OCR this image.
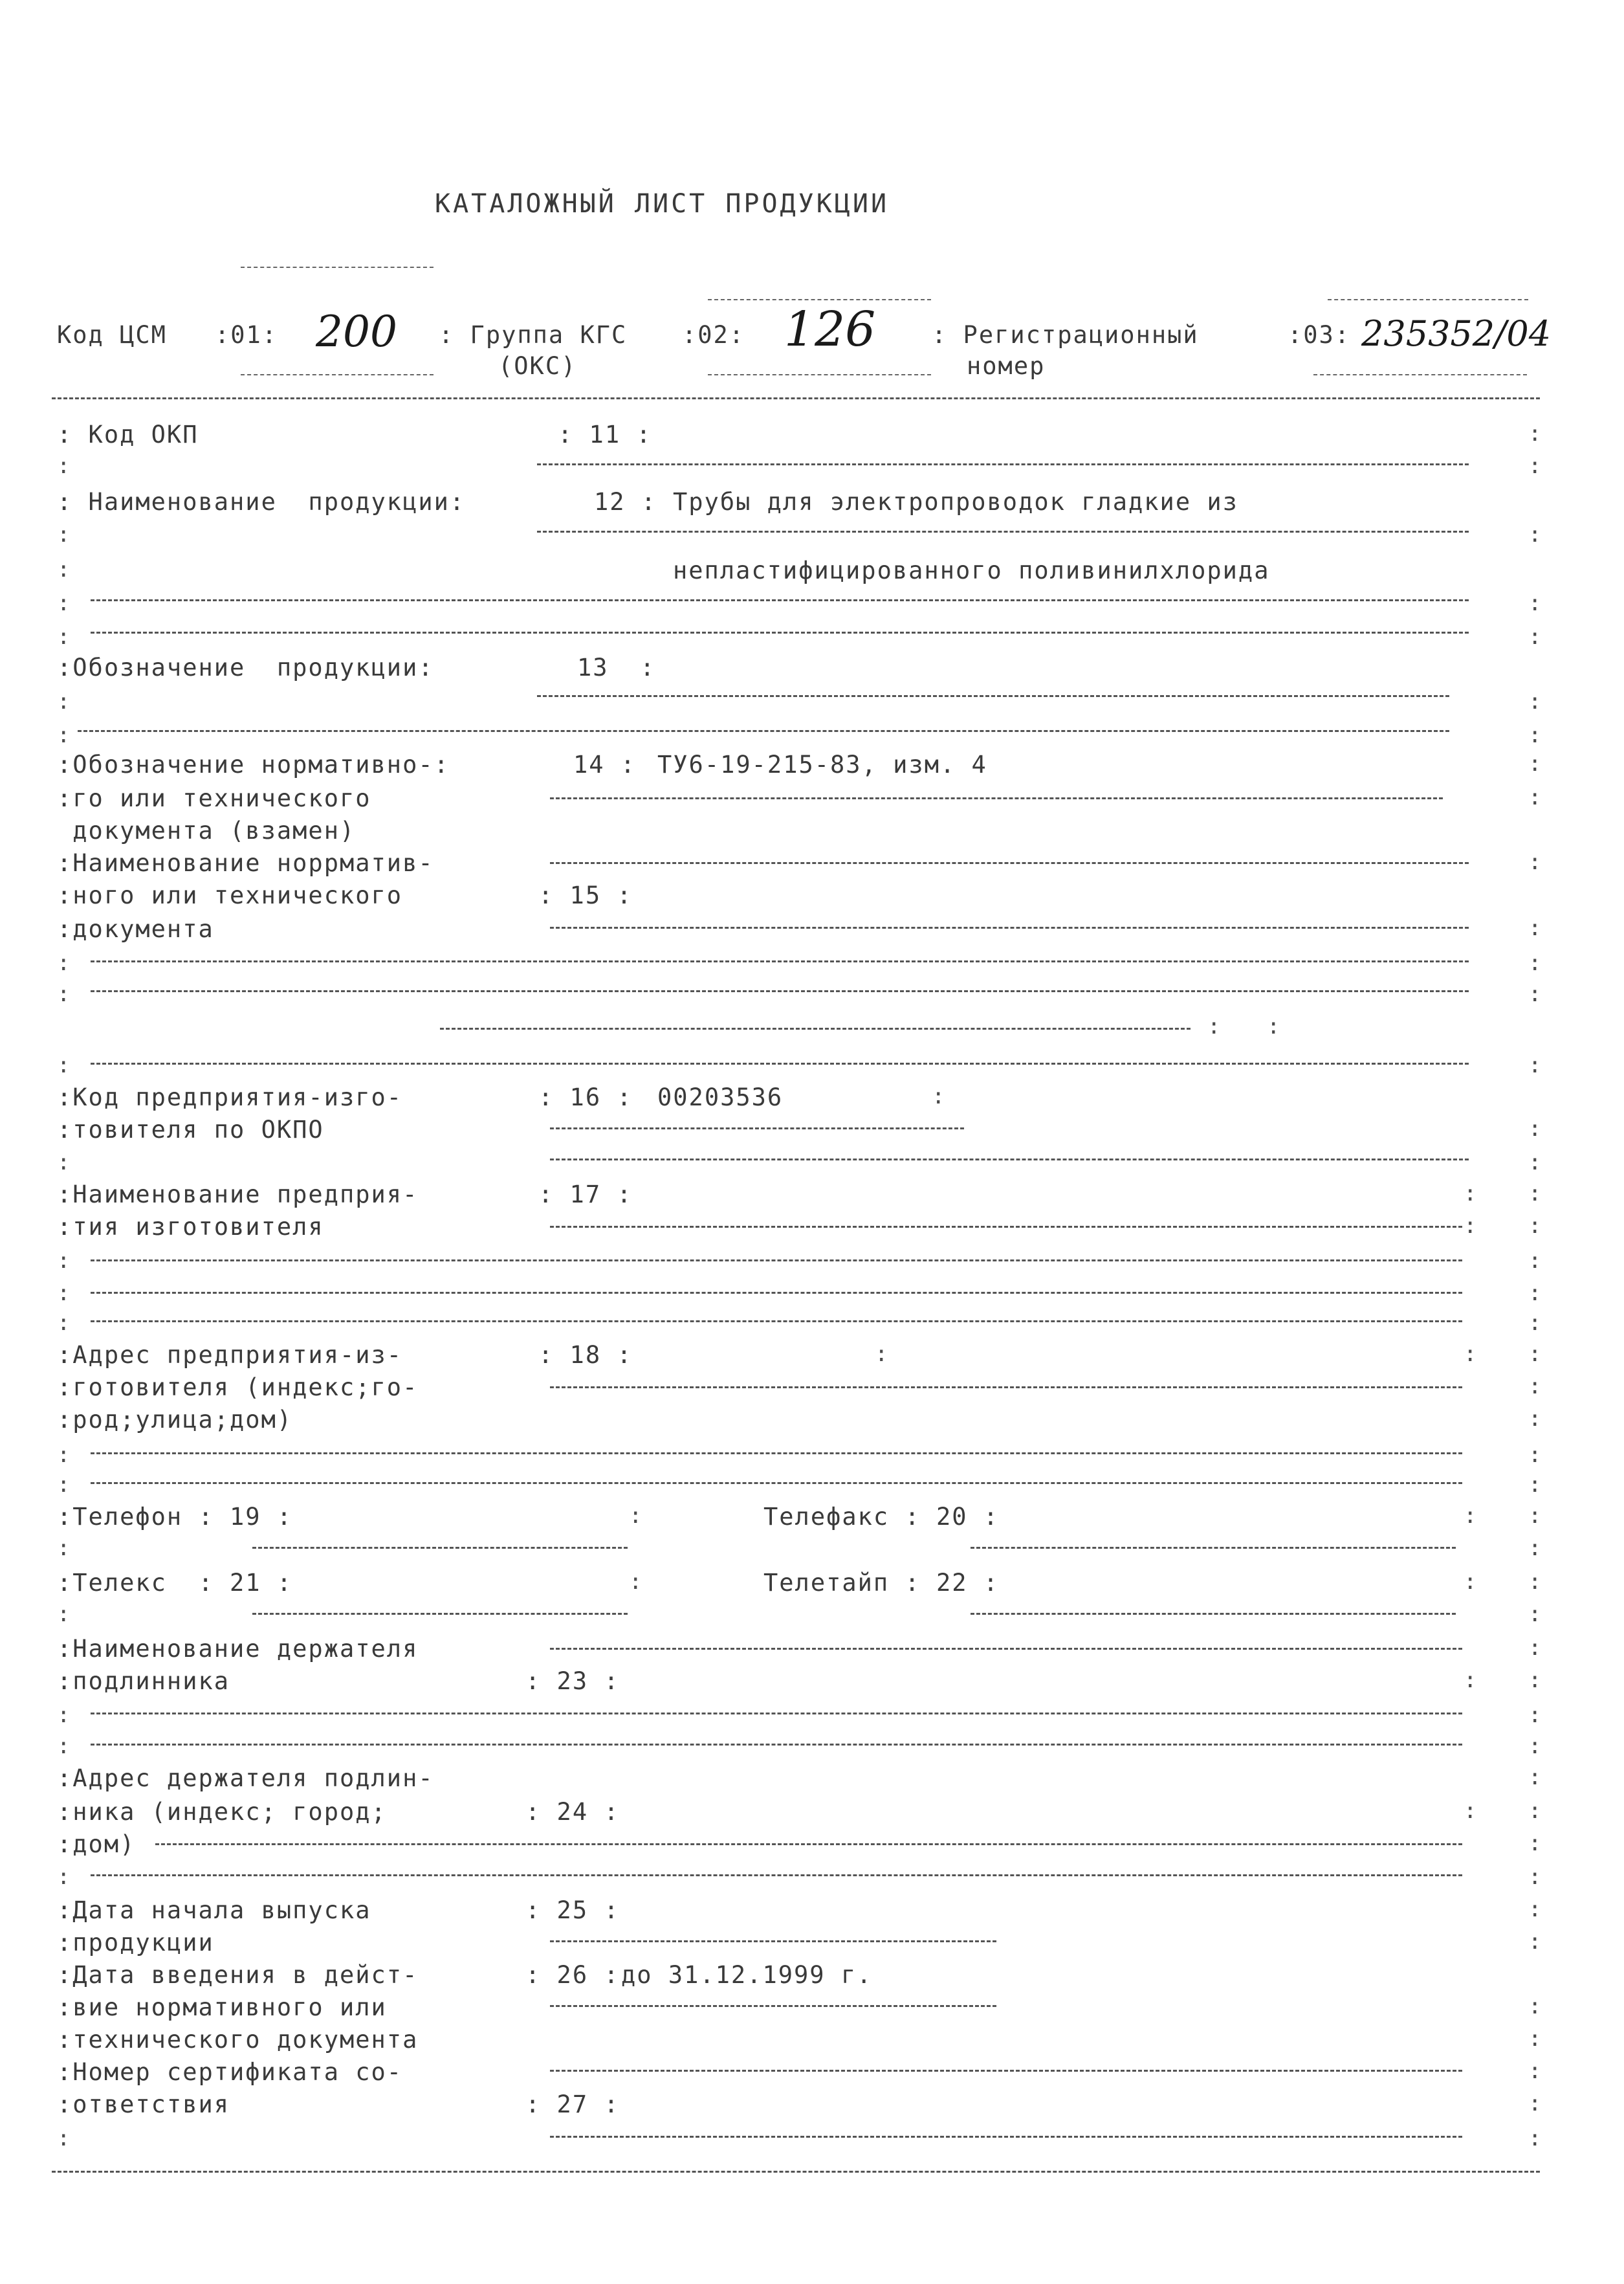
КАТАЛОЖНЫЙ ЛИСТ ПРОДУКЦИИ
Код ЦСМ :01: 200 : Группа КГС
(ОКС)
:02: 126 : Регистрационный
номер
:03: 235352/04
: Код ОКП	: 11 :	:
:	:
: Наименование  продукции:	12 : Трубы для электропроводок гладкие из
:	:
:	непластифицированного поливинилхлорида
:	:
:	:
:Обозначение  продукции:	13  :
:	:
:	:
:Обозначение нормативно-:	14 : ТУ6-19-215-83, изм. 4	:
:го или технического	:
документа (взамен)
:Наименование норрматив-	:
:ного или технического	: 15 :
:документа	:
:	:
:	:
: :
:	:
:Код предприятия-изго-	: 16 : 00203536	:
:товителя по ОКПО	:
:	:
:Наименование предприя-	: 17 :	: :
:тия изготовителя	: :
:	:
:	:
:	:
:Адрес предприятия-из-	: 18 :	:	: :
:готовителя (индекс;го-	:
:род;улица;дом)	:
:	:
:	:
:Телефон : 19 :	:	Телефакс : 20 :	: :
:	:
:Телекс  : 21 :	:	Телетайп : 22 :	: :
:	:
:Наименование держателя	:
:подлинника	: 23 :	: :
:	:
:	:
:Адрес держателя подлин-	:
:ника (индекс; город;	: 24 :	: :
:дом)	:
:	:
:Дата начала выпуска	: 25 :	:
:продукции	:
:Дата введения в дейст-	: 26 : до 31.12.1999 г.
:вие нормативного или	:
:технического документа	:
:Номер сертификата со-	:
:ответствия	: 27 :	:
:	:
